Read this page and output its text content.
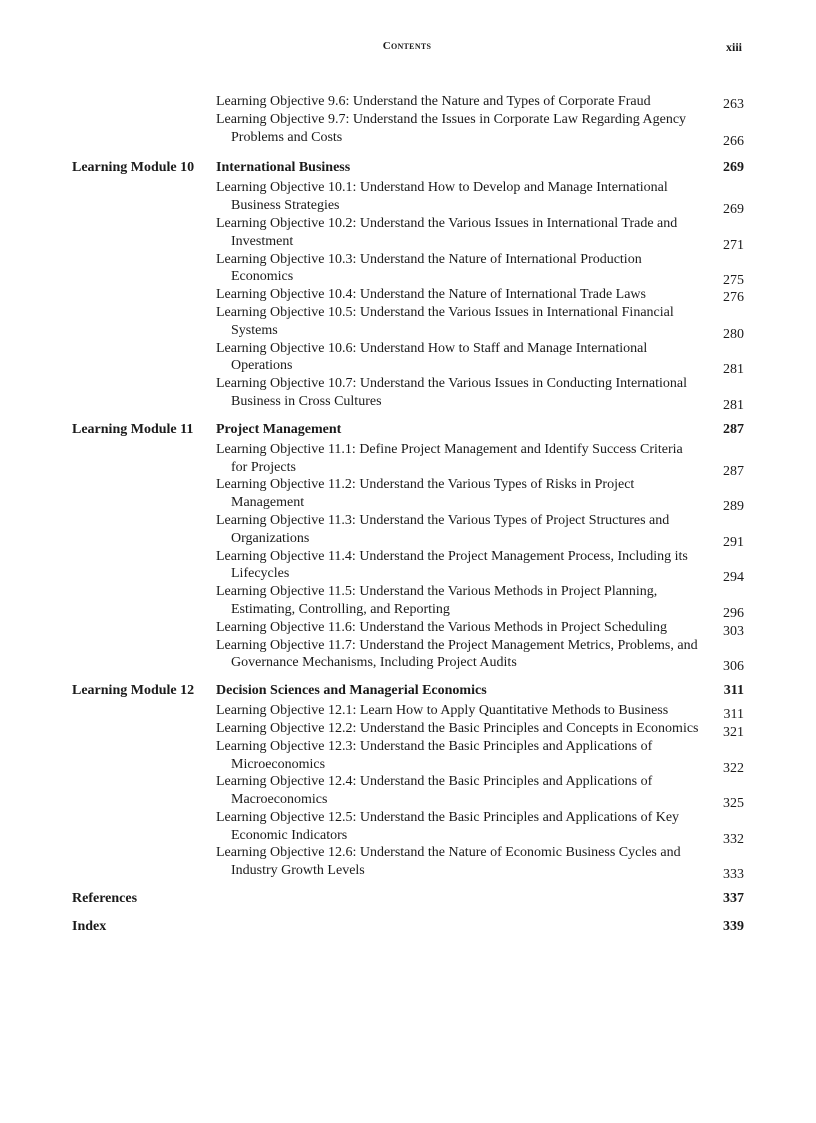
Contents	xiii
Learning Objective 9.6: Understand the Nature and Types of Corporate Fraud	263
Learning Objective 9.7: Understand the Issues in Corporate Law Regarding Agency Problems and Costs	266
Learning Module 10 International Business	269
Learning Objective 10.1: Understand How to Develop and Manage International Business Strategies	269
Learning Objective 10.2: Understand the Various Issues in International Trade and Investment	271
Learning Objective 10.3: Understand the Nature of International Production Economics	275
Learning Objective 10.4: Understand the Nature of International Trade Laws	276
Learning Objective 10.5: Understand the Various Issues in International Financial Systems	280
Learning Objective 10.6: Understand How to Staff and Manage International Operations	281
Learning Objective 10.7: Understand the Various Issues in Conducting International Business in Cross Cultures	281
Learning Module 11 Project Management	287
Learning Objective 11.1: Define Project Management and Identify Success Criteria for Projects	287
Learning Objective 11.2: Understand the Various Types of Risks in Project Management	289
Learning Objective 11.3: Understand the Various Types of Project Structures and Organizations	291
Learning Objective 11.4: Understand the Project Management Process, Including its Lifecycles	294
Learning Objective 11.5: Understand the Various Methods in Project Planning, Estimating, Controlling, and Reporting	296
Learning Objective 11.6: Understand the Various Methods in Project Scheduling	303
Learning Objective 11.7: Understand the Project Management Metrics, Problems, and Governance Mechanisms, Including Project Audits	306
Learning Module 12 Decision Sciences and Managerial Economics	311
Learning Objective 12.1: Learn How to Apply Quantitative Methods to Business	311
Learning Objective 12.2: Understand the Basic Principles and Concepts in Economics 321
Learning Objective 12.3: Understand the Basic Principles and Applications of Microeconomics	322
Learning Objective 12.4: Understand the Basic Principles and Applications of Macroeconomics	325
Learning Objective 12.5: Understand the Basic Principles and Applications of Key Economic Indicators	332
Learning Objective 12.6: Understand the Nature of Economic Business Cycles and Industry Growth Levels	333
References	337
Index	339
